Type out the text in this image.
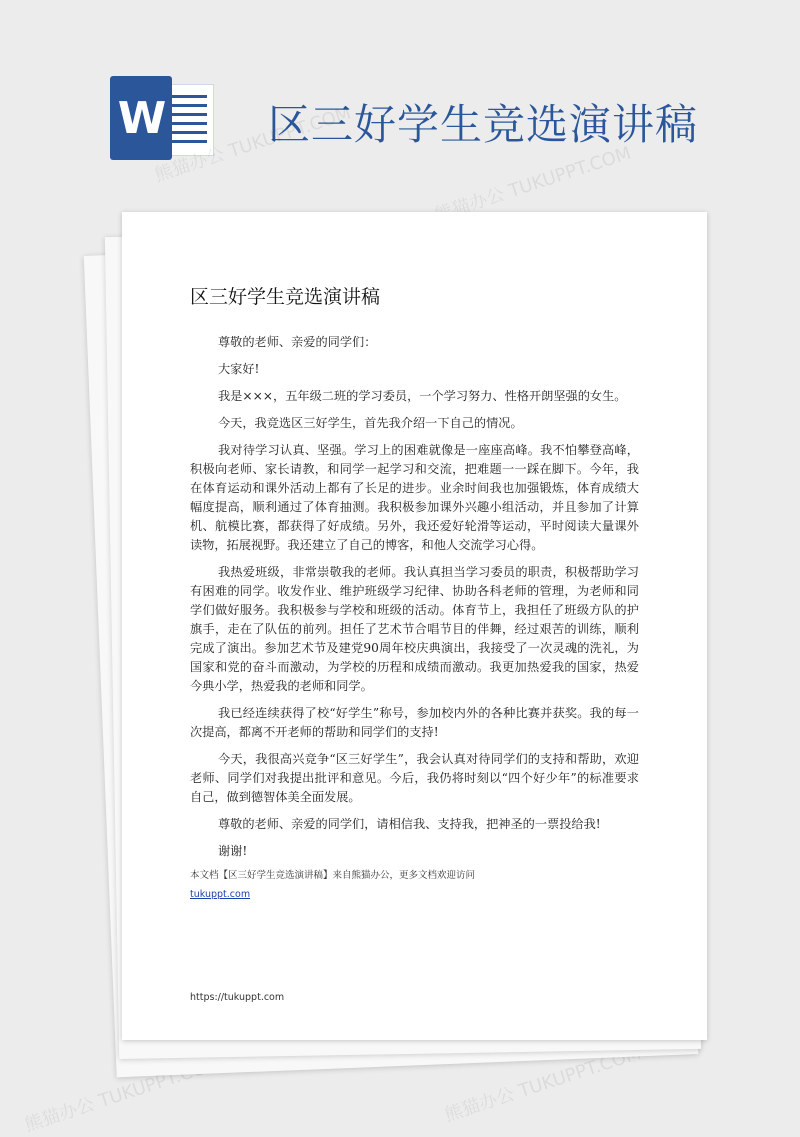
W 区三好学生竞选演讲稿
熊猫办公 TUKUPPT.COM	熊猫办公 TUKUPPT.COM
熊猫办公 TUKUPPT.COM	熊猫办公 TUKUPPT.COM
区三好学生竞选演讲稿

尊敬的老师、亲爱的同学们：

大家好!

我是×××，五年级二班的学习委员，一个学习努力、性格开朗坚强的女生。

今天，我竞选区三好学生，首先我介绍一下自己的情况。

我对待学习认真、坚强。学习上的困难就像是一座座高峰。我不怕攀登高峰，积极向老师、家长请教，和同学一起学习和交流，把难题一一踩在脚下。今年，我在体育运动和课外活动上都有了长足的进步。业余时间我也加强锻炼，体育成绩大幅度提高，顺利通过了体育抽测。我积极参加课外兴趣小组活动，并且参加了计算机、航模比赛，都获得了好成绩。另外，我还爱好轮滑等运动，平时阅读大量课外读物，拓展视野。我还建立了自己的博客，和他人交流学习心得。

我热爱班级，非常崇敬我的老师。我认真担当学习委员的职责，积极帮助学习有困难的同学。收发作业、维护班级学习纪律、协助各科老师的管理，为老师和同学们做好服务。我积极参与学校和班级的活动。体育节上，我担任了班级方队的护旗手，走在了队伍的前列。担任了艺术节合唱节目的伴舞，经过艰苦的训练，顺利完成了演出。参加艺术节及建党90周年校庆典演出，我接受了一次灵魂的洗礼，为国家和党的奋斗而激动，为学校的历程和成绩而激动。我更加热爱我的国家，热爱今典小学，热爱我的老师和同学。

我已经连续获得了校“好学生”称号，参加校内外的各种比赛并获奖。我的每一次提高，都离不开老师的帮助和同学们的支持!

今天，我很高兴竞争“区三好学生”，我会认真对待同学们的支持和帮助，欢迎老师、同学们对我提出批评和意见。今后，我仍将时刻以“四个好少年”的标准要求自己，做到德智体美全面发展。

尊敬的老师、亲爱的同学们，请相信我、支持我，把神圣的一票投给我!

谢谢!

本文档【区三好学生竞选演讲稿】来自熊猫办公，更多文档欢迎访问
tukuppt.com
https://tukuppt.com
